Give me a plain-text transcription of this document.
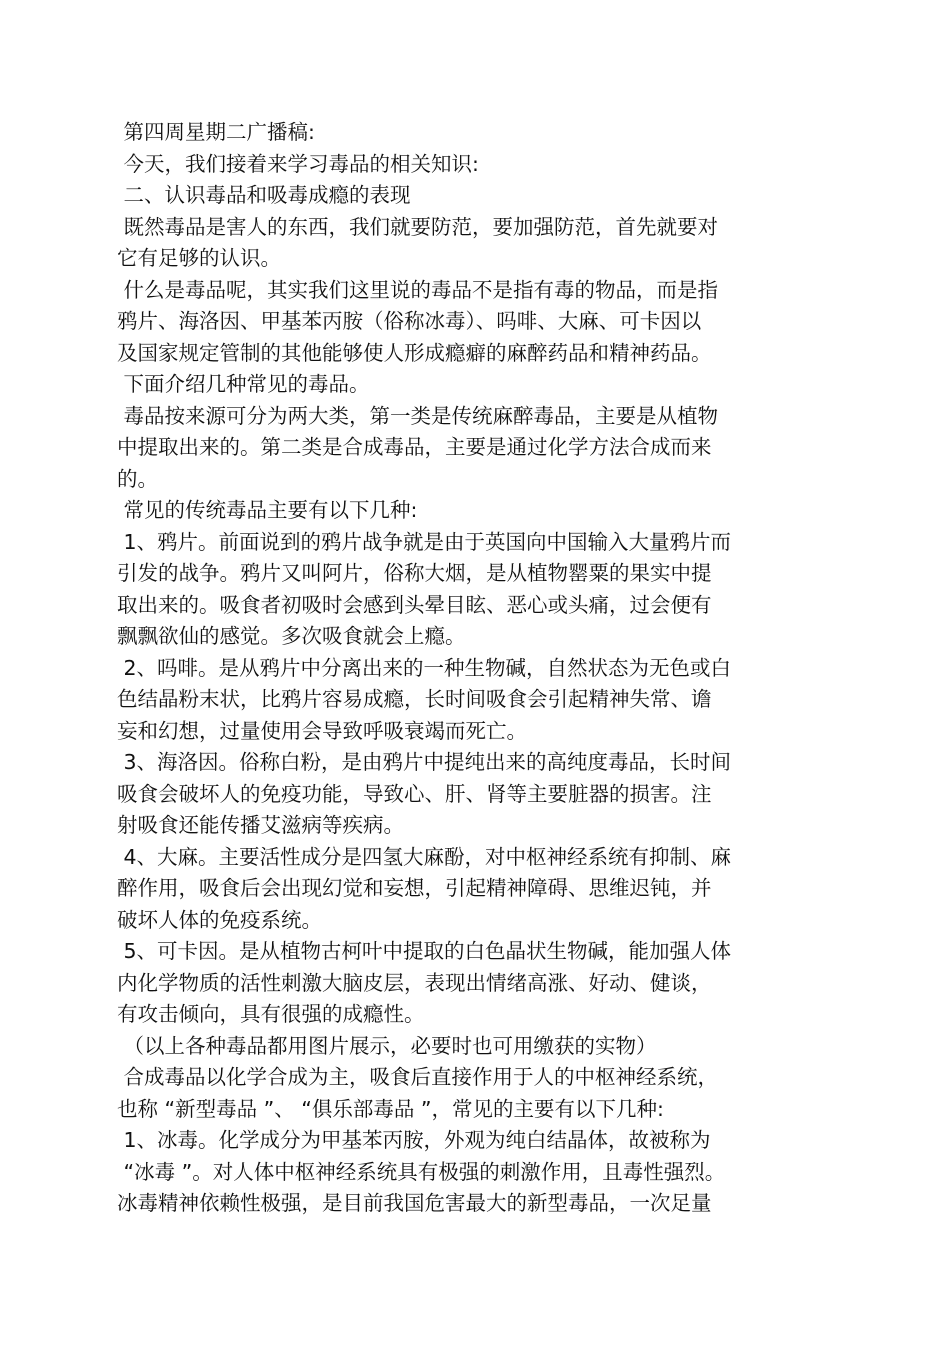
第四周星期二广播稿:
今天，我们接着来学习毒品的相关知识:
二、认识毒品和吸毒成瘾的表现
既然毒品是害人的东西，我们就要防范，要加强防范，首先就要对
它有足够的认识。
什么是毒品呢，其实我们这里说的毒品不是指有毒的物品，而是指
鸦片、海洛因、甲基苯丙胺（俗称冰毒）、吗啡、大麻、可卡因以
及国家规定管制的其他能够使人形成瘾癖的麻醉药品和精神药品。
下面介绍几种常见的毒品。
毒品按来源可分为两大类，第一类是传统麻醉毒品，主要是从植物
中提取出来的。第二类是合成毒品，主要是通过化学方法合成而来
的。
常见的传统毒品主要有以下几种:
1、鸦片。前面说到的鸦片战争就是由于英国向中国输入大量鸦片而
引发的战争。鸦片又叫阿片，俗称大烟，是从植物罂粟的果实中提
取出来的。吸食者初吸时会感到头晕目眩、恶心或头痛，过会便有
飘飘欲仙的感觉。多次吸食就会上瘾。
2、吗啡。是从鸦片中分离出来的一种生物碱，自然状态为无色或白
色结晶粉末状，比鸦片容易成瘾，长时间吸食会引起精神失常、谵
妄和幻想，过量使用会导致呼吸衰竭而死亡。
3、海洛因。俗称白粉，是由鸦片中提纯出来的高纯度毒品，长时间
吸食会破坏人的免疫功能，导致心、肝、肾等主要脏器的损害。注
射吸食还能传播艾滋病等疾病。
4、大麻。主要活性成分是四氢大麻酚，对中枢神经系统有抑制、麻
醉作用，吸食后会出现幻觉和妄想，引起精神障碍、思维迟钝，并
破坏人体的免疫系统。
5、可卡因。是从植物古柯叶中提取的白色晶状生物碱，能加强人体
内化学物质的活性刺激大脑皮层，表现出情绪高涨、好动、健谈，
有攻击倾向，具有很强的成瘾性。
（以上各种毒品都用图片展示，必要时也可用缴获的实物）
合成毒品以化学合成为主，吸食后直接作用于人的中枢神经系统，
也称 “新型毒品 ”、 “俱乐部毒品 ”，常见的主要有以下几种:
1、冰毒。化学成分为甲基苯丙胺，外观为纯白结晶体，故被称为
“冰毒 ”。对人体中枢神经系统具有极强的刺激作用，且毒性强烈。
冰毒精神依赖性极强，是目前我国危害最大的新型毒品，一次足量
